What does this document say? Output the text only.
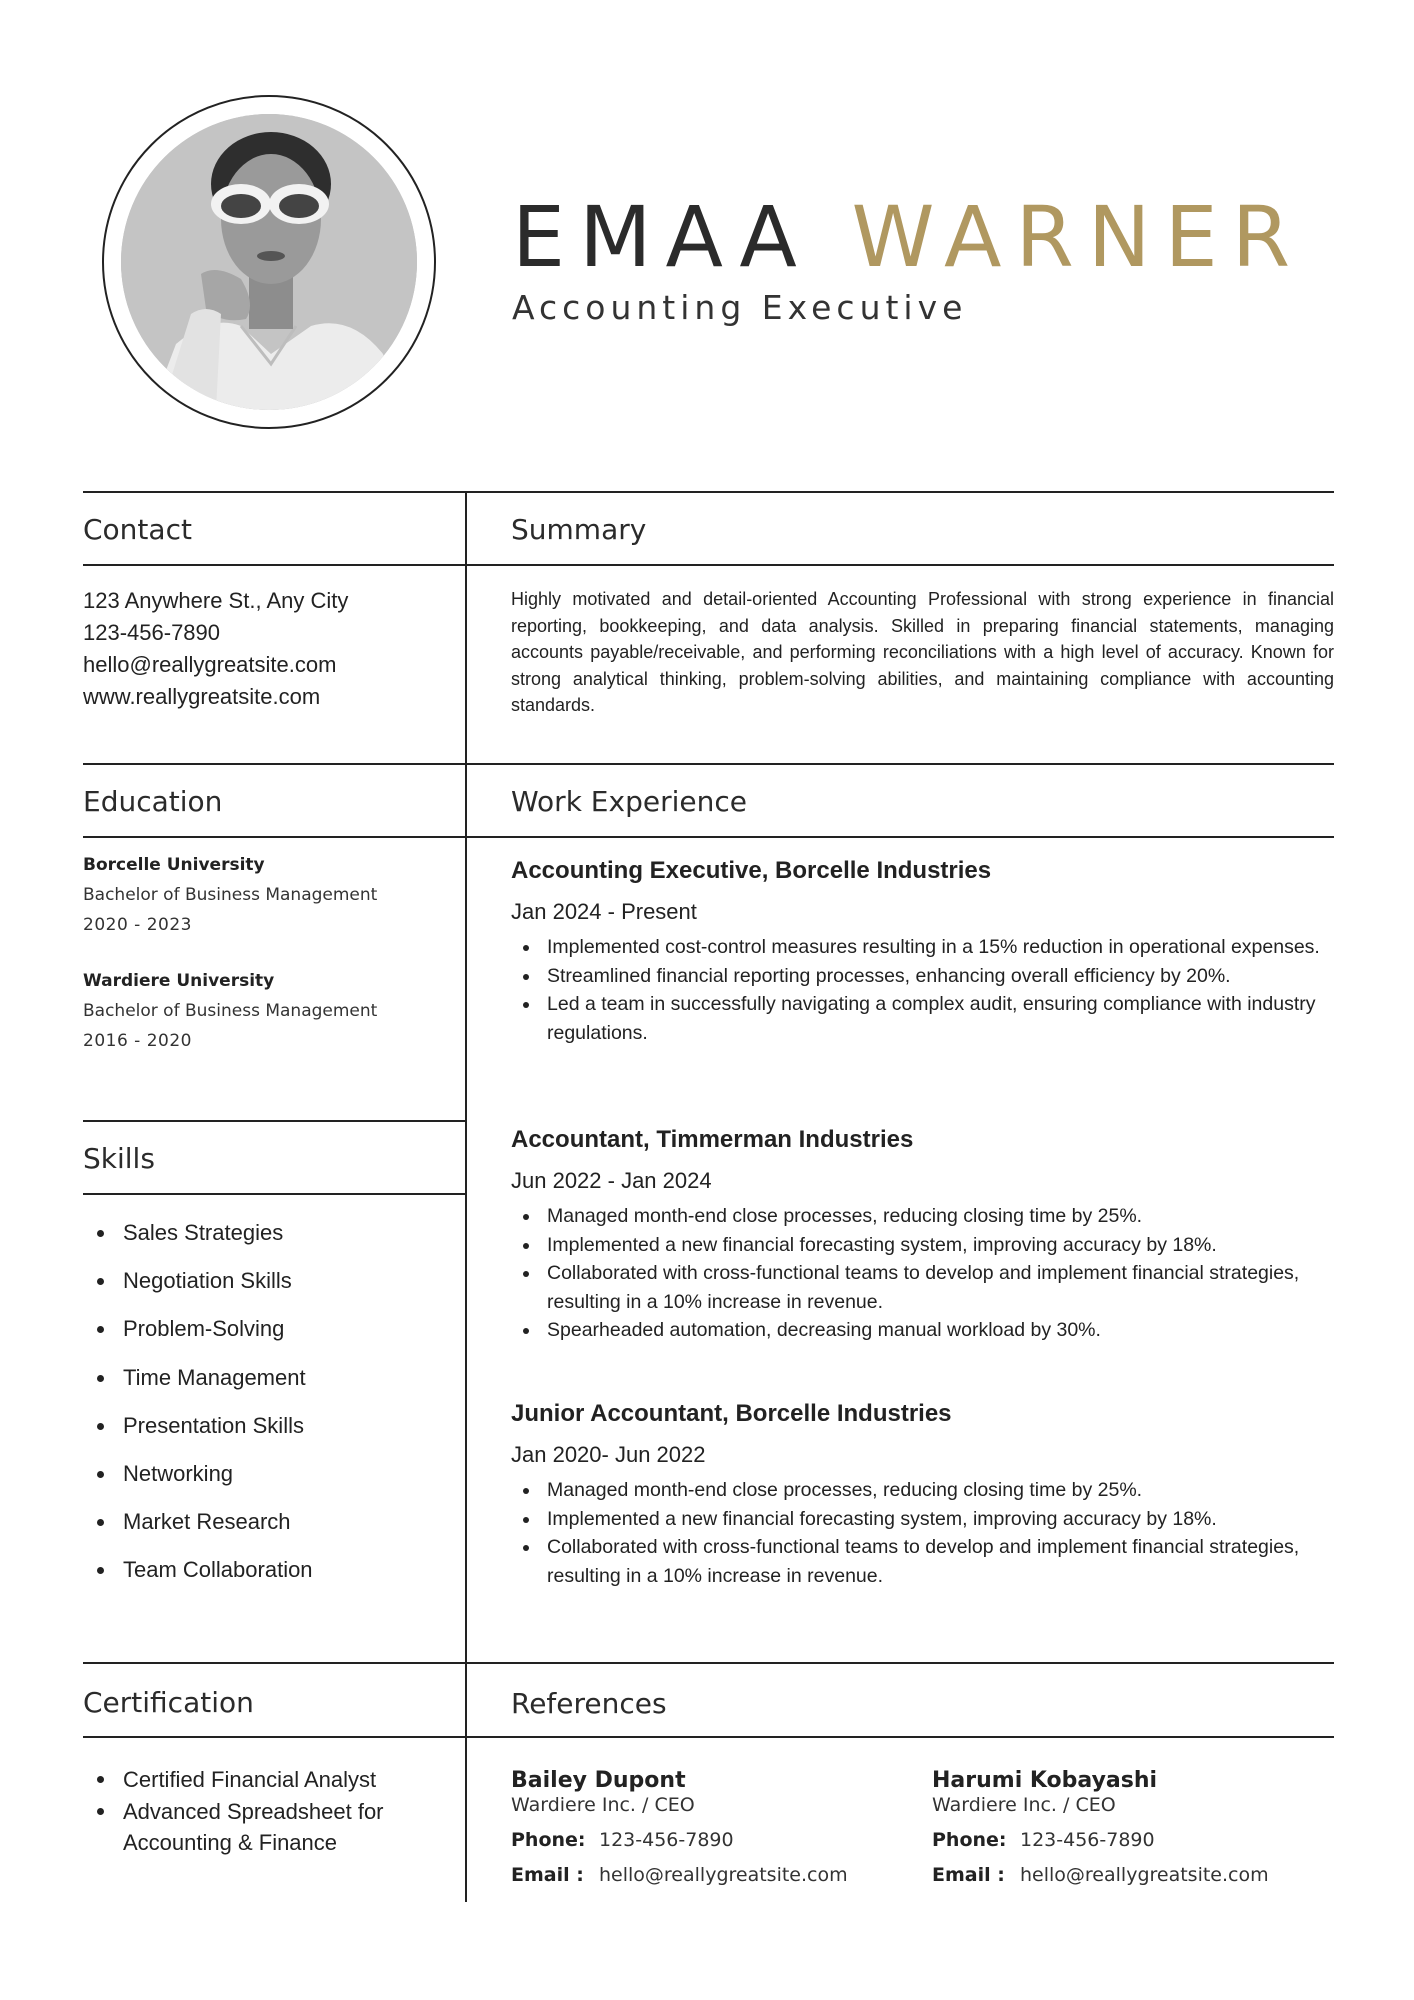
EMAA WARNER
Accounting Executive
Contact
123 Anywhere St., Any City
123-456-7890
hello@reallygreatsite.com
www.reallygreatsite.com
Summary
Highly motivated and detail-oriented Accounting Professional with strong experience in financial reporting, bookkeeping, and data analysis. Skilled in preparing financial statements, managing accounts payable/receivable, and performing reconciliations with a high level of accuracy. Known for strong analytical thinking, problem-solving abilities, and maintaining compliance with accounting standards.
Education
Borcelle University
Bachelor of Business Management
2020 - 2023
Wardiere University
Bachelor of Business Management
2016 - 2020
Skills
Sales Strategies
Negotiation Skills
Problem-Solving
Time Management
Presentation Skills
Networking
Market Research
Team Collaboration
Work Experience
Accounting Executive, Borcelle Industries
Jan 2024 - Present
Implemented cost-control measures resulting in a 15% reduction in operational expenses.
Streamlined financial reporting processes, enhancing overall efficiency by 20%.
Led a team in successfully navigating a complex audit, ensuring compliance with industry regulations.
Accountant, Timmerman Industries
Jun 2022 - Jan 2024
Managed month-end close processes, reducing closing time by 25%.
Implemented a new financial forecasting system, improving accuracy by 18%.
Collaborated with cross-functional teams to develop and implement financial strategies, resulting in a 10% increase in revenue.
Spearheaded automation, decreasing manual workload by 30%.
Junior Accountant, Borcelle Industries
Jan 2020- Jun 2022
Managed month-end close processes, reducing closing time by 25%.
Implemented a new financial forecasting system, improving accuracy by 18%.
Collaborated with cross-functional teams to develop and implement financial strategies, resulting in a 10% increase in revenue.
Certification
Certified Financial Analyst
Advanced Spreadsheet for Accounting & Finance
References
Bailey Dupont
Wardiere Inc. / CEO
Phone: 123-456-7890
Email : hello@reallygreatsite.com
Harumi Kobayashi
Wardiere Inc. / CEO
Phone: 123-456-7890
Email : hello@reallygreatsite.com
